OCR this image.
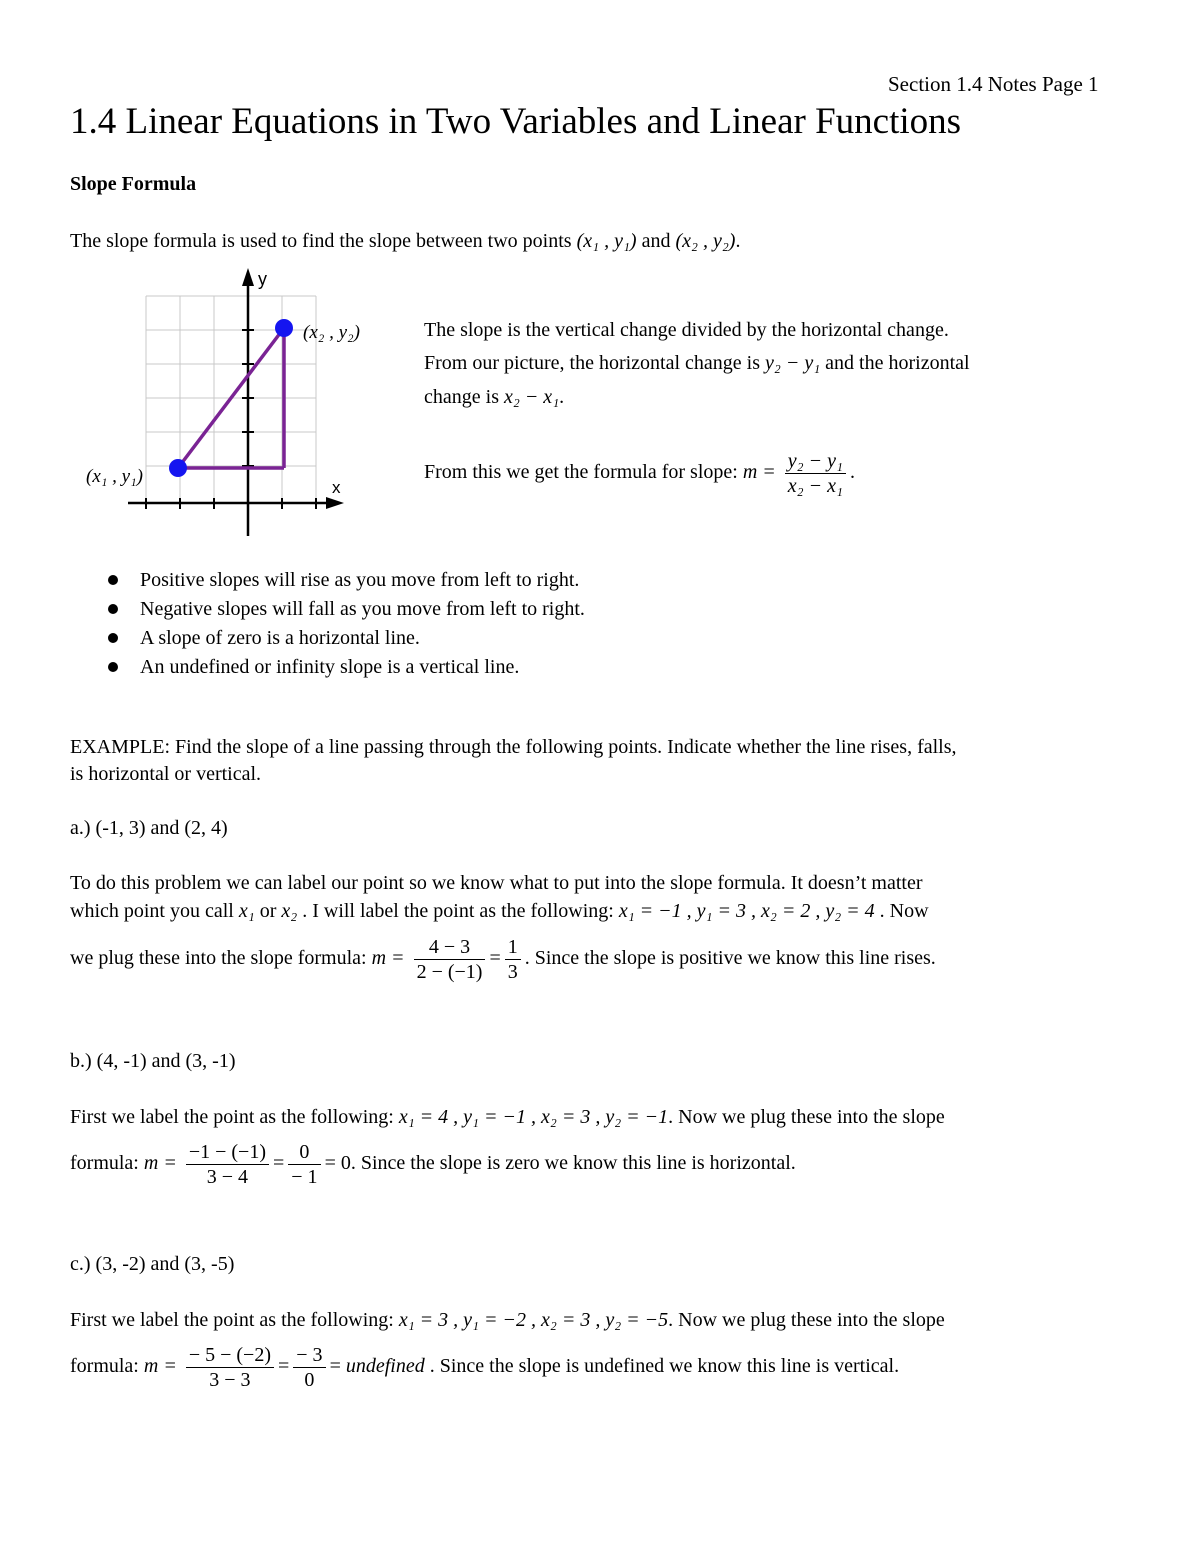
Section 1.4 Notes Page 1
1.4 Linear Equations in Two Variables and Linear Functions
Slope Formula
The slope formula is used to find the slope between two points (x₁ , y₁) and (x₂ , y₂).
y
x
(x₁ , y₁)
(x₂ , y₂)	The slope is the vertical change divided by the horizontal change.
From our picture, the horizontal change is y₂ − y₁ and the horizontal
change is x₂ − x₁.
From this we get the formula for slope: $m = \frac{\text{y₂ − y₁}}{\text{x₂ − x₁}}$ .
Positive slopes will rise as you move from left to right.
Negative slopes will fall as you move from left to right.
A slope of zero is a horizontal line.
An undefined or infinity slope is a vertical line.
EXAMPLE: Find the slope of a line passing through the following points. Indicate whether the line rises, falls,
is horizontal or vertical.
a.) (-1, 3) and (2, 4)
To do this problem we can label our point so we know what to put into the slope formula. It doesn’t matter
which point you call x₁ or x₂ . I will label the point as the following: x₁ = −1 , y₁ = 3 , x₂ = 2 , y₂ = 4 . Now
we plug these into the slope formula: $m = \frac{4 - 3}{2 - (-1)} = \frac{1}{3}$ . Since the slope is positive we know this line rises.
b.) (4, -1) and (3, -1)
First we label the point as the following: x₁ = 4 , y₁ = −1 , x₂ = 3 , y₂ = −1. Now we plug these into the slope
formula: $m = \frac{-1 - (-1)}{3 - 4} = \frac{0}{- 1} = 0$. Since the slope is zero we know this line is horizontal.
c.) (3, -2) and (3, -5)
First we label the point as the following: x₁ = 3 , y₁ = −2 , x₂ = 3 , y₂ = −5. Now we plug these into the slope
formula: $m = \frac{- 5 - (-2)}{3 - 3} = \frac{- 3}{0}$ = undefined . Since the slope is undefined we know this line is vertical.
